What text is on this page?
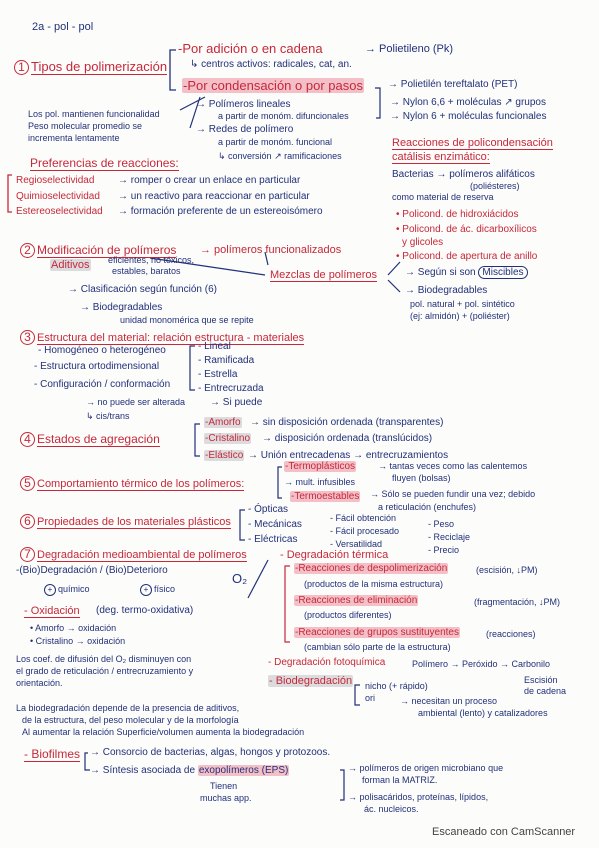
2a - pol - pol
1 Tipos de polimerización
-Por adición o en cadena	→ Polietileno (Pk)
↳ centros activos: radicales, cat, an.
-Por condensación o por pasos	→ Polietilén tereftalato (PET)
→ Nylon 6,6 + moléculas ↗ grupos
→ Nylon 6 + moléculas funcionales
→ Polímeros lineales
a partir de monóm. difuncionales
→ Redes de polímero
a partir de monóm. funcional
↳ conversión ↗ ramificaciones
Los pol. mantienen funcionalidad
Peso molecular promedio se
incrementa lentamente
Preferencias de reacciones:
Regioselectividad → romper o crear un enlace en particular
Quimioselectividad → un reactivo para reaccionar en particular
Estereoselectividad → formación preferente de un estereoisómero
Reacciones de policondensación
catálisis enzimático:
Bacterias → polímeros alifáticos
(poliésteres)
como material de reserva
• Policond. de hidroxiácidos
• Policond. de ác. dicarboxílicos
y glicoles
• Policond. de apertura de anillo
2 Modificación de polímeros → polímeros funcionalizados
Aditivos eficientes, no tóxicos,
estables, baratos
→ Clasificación según función (6)
→ Biodegradables
unidad monomérica que se repite
Mezclas de polímeros	→ Según si son Miscibles
→ Biodegradables
pol. natural + pol. sintético
(ej: almidón) + (poliéster)
3 Estructura del material: relación estructura - materiales
- Homogéneo o heterogéneo
- Estructura ortodimensional
- Configuración / conformación
- Lineal
- Ramificada
- Estrella
- Entrecruzada
→ no puede ser alterada → Si puede
↳ cis/trans
4 Estados de agregación
-Amorfo → sin disposición ordenada (transparentes)
-Cristalino → disposición ordenada (translúcidos)
-Elástico → Unión entrecadenas → entrecruzamientos
5 Comportamiento térmico de los polímeros:
-Termoplásticos	→ tantas veces como las calentemos
fluyen (bolsas)
→ mult. infusibles
-Termoestables → Sólo se pueden fundir una vez; debido
a reticulación (enchufes)
6 Propiedades de los materiales plásticos
- Ópticas
- Mecánicas
- Eléctricas
- Fácil obtención
- Fácil procesado
- Versatilidad
- Peso
- Reciclaje
- Precio
7 Degradación medioambiental de polímeros
-(Bio)Degradación / (Bio)Deterioro
+ químico	+ físico
- Degradación térmica
O₂
-Reacciones de despolimerización	(escisión, ↓PM)
(productos de la misma estructura)
-Reacciones de eliminación	(fragmentación, ↓PM)
(productos diferentes)
-Reacciones de grupos sustituyentes	(reacciones)
(cambian sólo parte de la estructura)
- Oxidación (deg. termo-oxidativa)
• Amorfo → oxidación
• Cristalino → oxidación
Los coef. de difusión del O₂ disminuyen con
el grado de reticulación / entrecruzamiento y
orientación.
- Degradación fotoquímica	Polímero → Peróxido → Carbonilo
Escisión
de cadena
- Biodegradación nicho (+ rápido)
ori	→ necesitan un proceso
ambiental (lento) y catalizadores
La biodegradación depende de la presencia de aditivos,
de la estructura, del peso molecular y de la morfología
Al aumentar la relación Superficie/volumen aumenta la biodegradación
- Biofilmes → Consorcio de bacterias, algas, hongos y protozoos.
→ Síntesis asociada de exopolímeros (EPS)	→ polímeros de origen microbiano que
forman la MATRIZ.
Tienen
muchas app.	→ polisacáridos, proteínas, lípidos,
ác. nucleicos.
Escaneado con CamScanner
